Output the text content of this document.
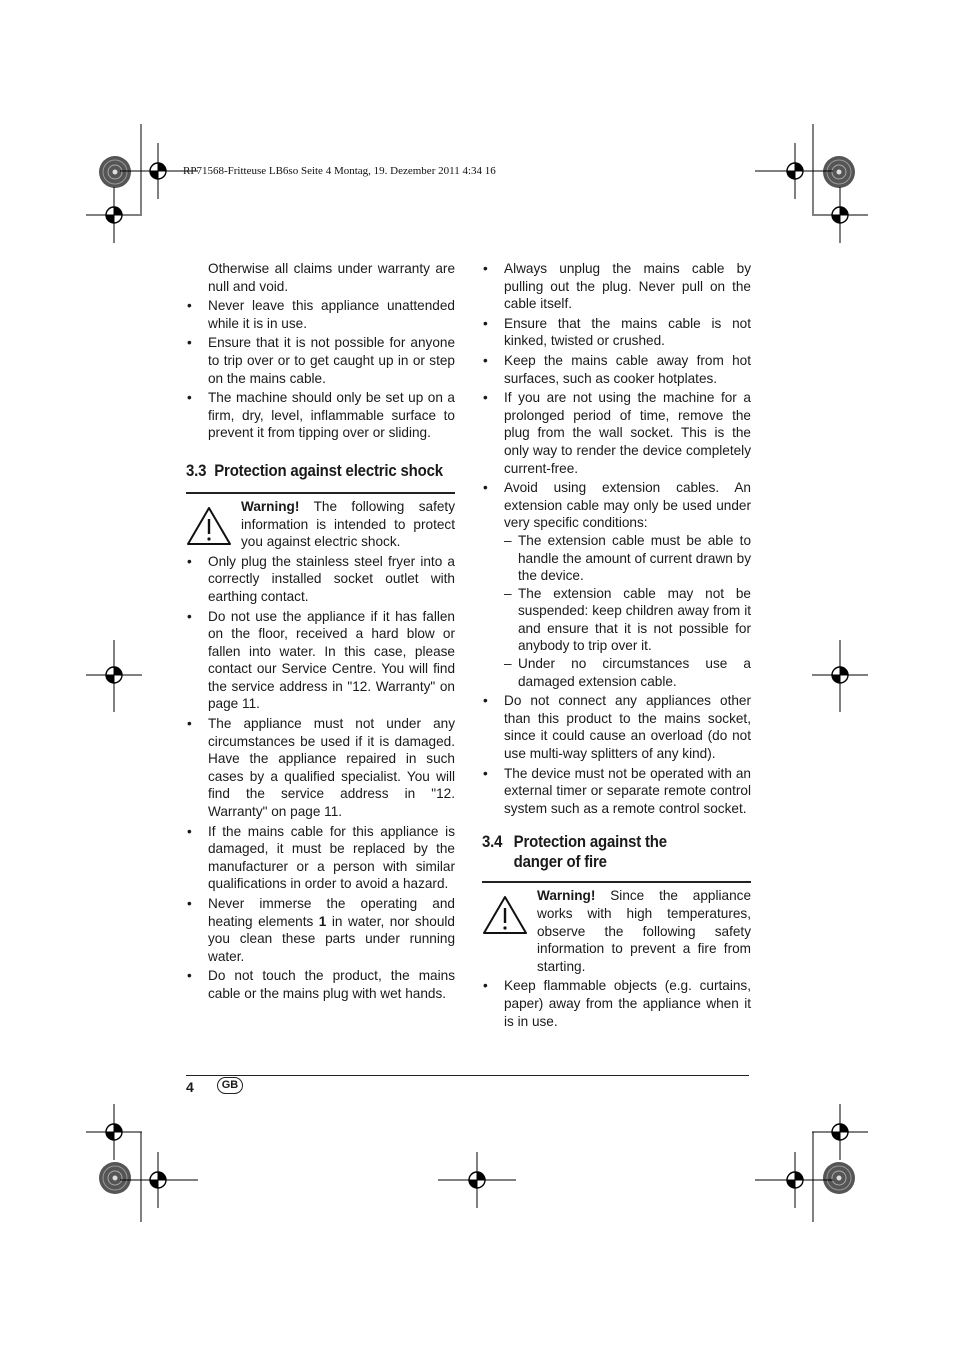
RP71568-Fritteuse LB6so Seite 4 Montag, 19. Dezember 2011 4:34 16

Otherwise all claims under warranty are null and void.

• Never leave this appliance unattended while it is in use.
• Ensure that it is not possible for anyone to trip over or to get caught up in or step on the mains cable.
• The machine should only be set up on a firm, dry, level, inflammable surface to prevent it from tipping over or sliding.
3.3 Protection against electric shock
Warning! The following safety information is intended to protect you against electric shock.
• Only plug the stainless steel fryer into a correctly installed socket outlet with earthing contact.
• Do not use the appliance if it has fallen on the floor, received a hard blow or fallen into water. In this case, please contact our Service Centre. You will find the service address in "12. Warranty" on page 11.
• The appliance must not under any circumstances be used if it is damaged. Have the appliance repaired in such cases by a qualified specialist. You will find the service address in "12. Warranty" on page 11.
• If the mains cable for this appliance is damaged, it must be replaced by the manufacturer or a person with similar qualifications in order to avoid a hazard.
• Never immerse the operating and heating elements 1 in water, nor should you clean these parts under running water.
• Do not touch the product, the mains cable or the mains plug with wet hands.
• Always unplug the mains cable by pulling out the plug. Never pull on the cable itself.
• Ensure that the mains cable is not kinked, twisted or crushed.
• Keep the mains cable away from hot surfaces, such as cooker hotplates.
• If you are not using the machine for a prolonged period of time, remove the plug from the wall socket. This is the only way to render the device completely current-free.
• Avoid using extension cables. An extension cable may only be used under very specific conditions:
– The extension cable must be able to handle the amount of current drawn by the device.
– The extension cable may not be suspended: keep children away from it and ensure that it is not possible for anybody to trip over it.
– Under no circumstances use a damaged extension cable.
• Do not connect any appliances other than this product to the mains socket, since it could cause an overload (do not use multi-way splitters of any kind).
• The device must not be operated with an external timer or separate remote control system such as a remote control socket.
3.4 Protection against the danger of fire
Warning! Since the appliance works with high temperatures, observe the following safety information to prevent a fire from starting.
• Keep flammable objects (e.g. curtains, paper) away from the appliance when it is in use.
4	GB
